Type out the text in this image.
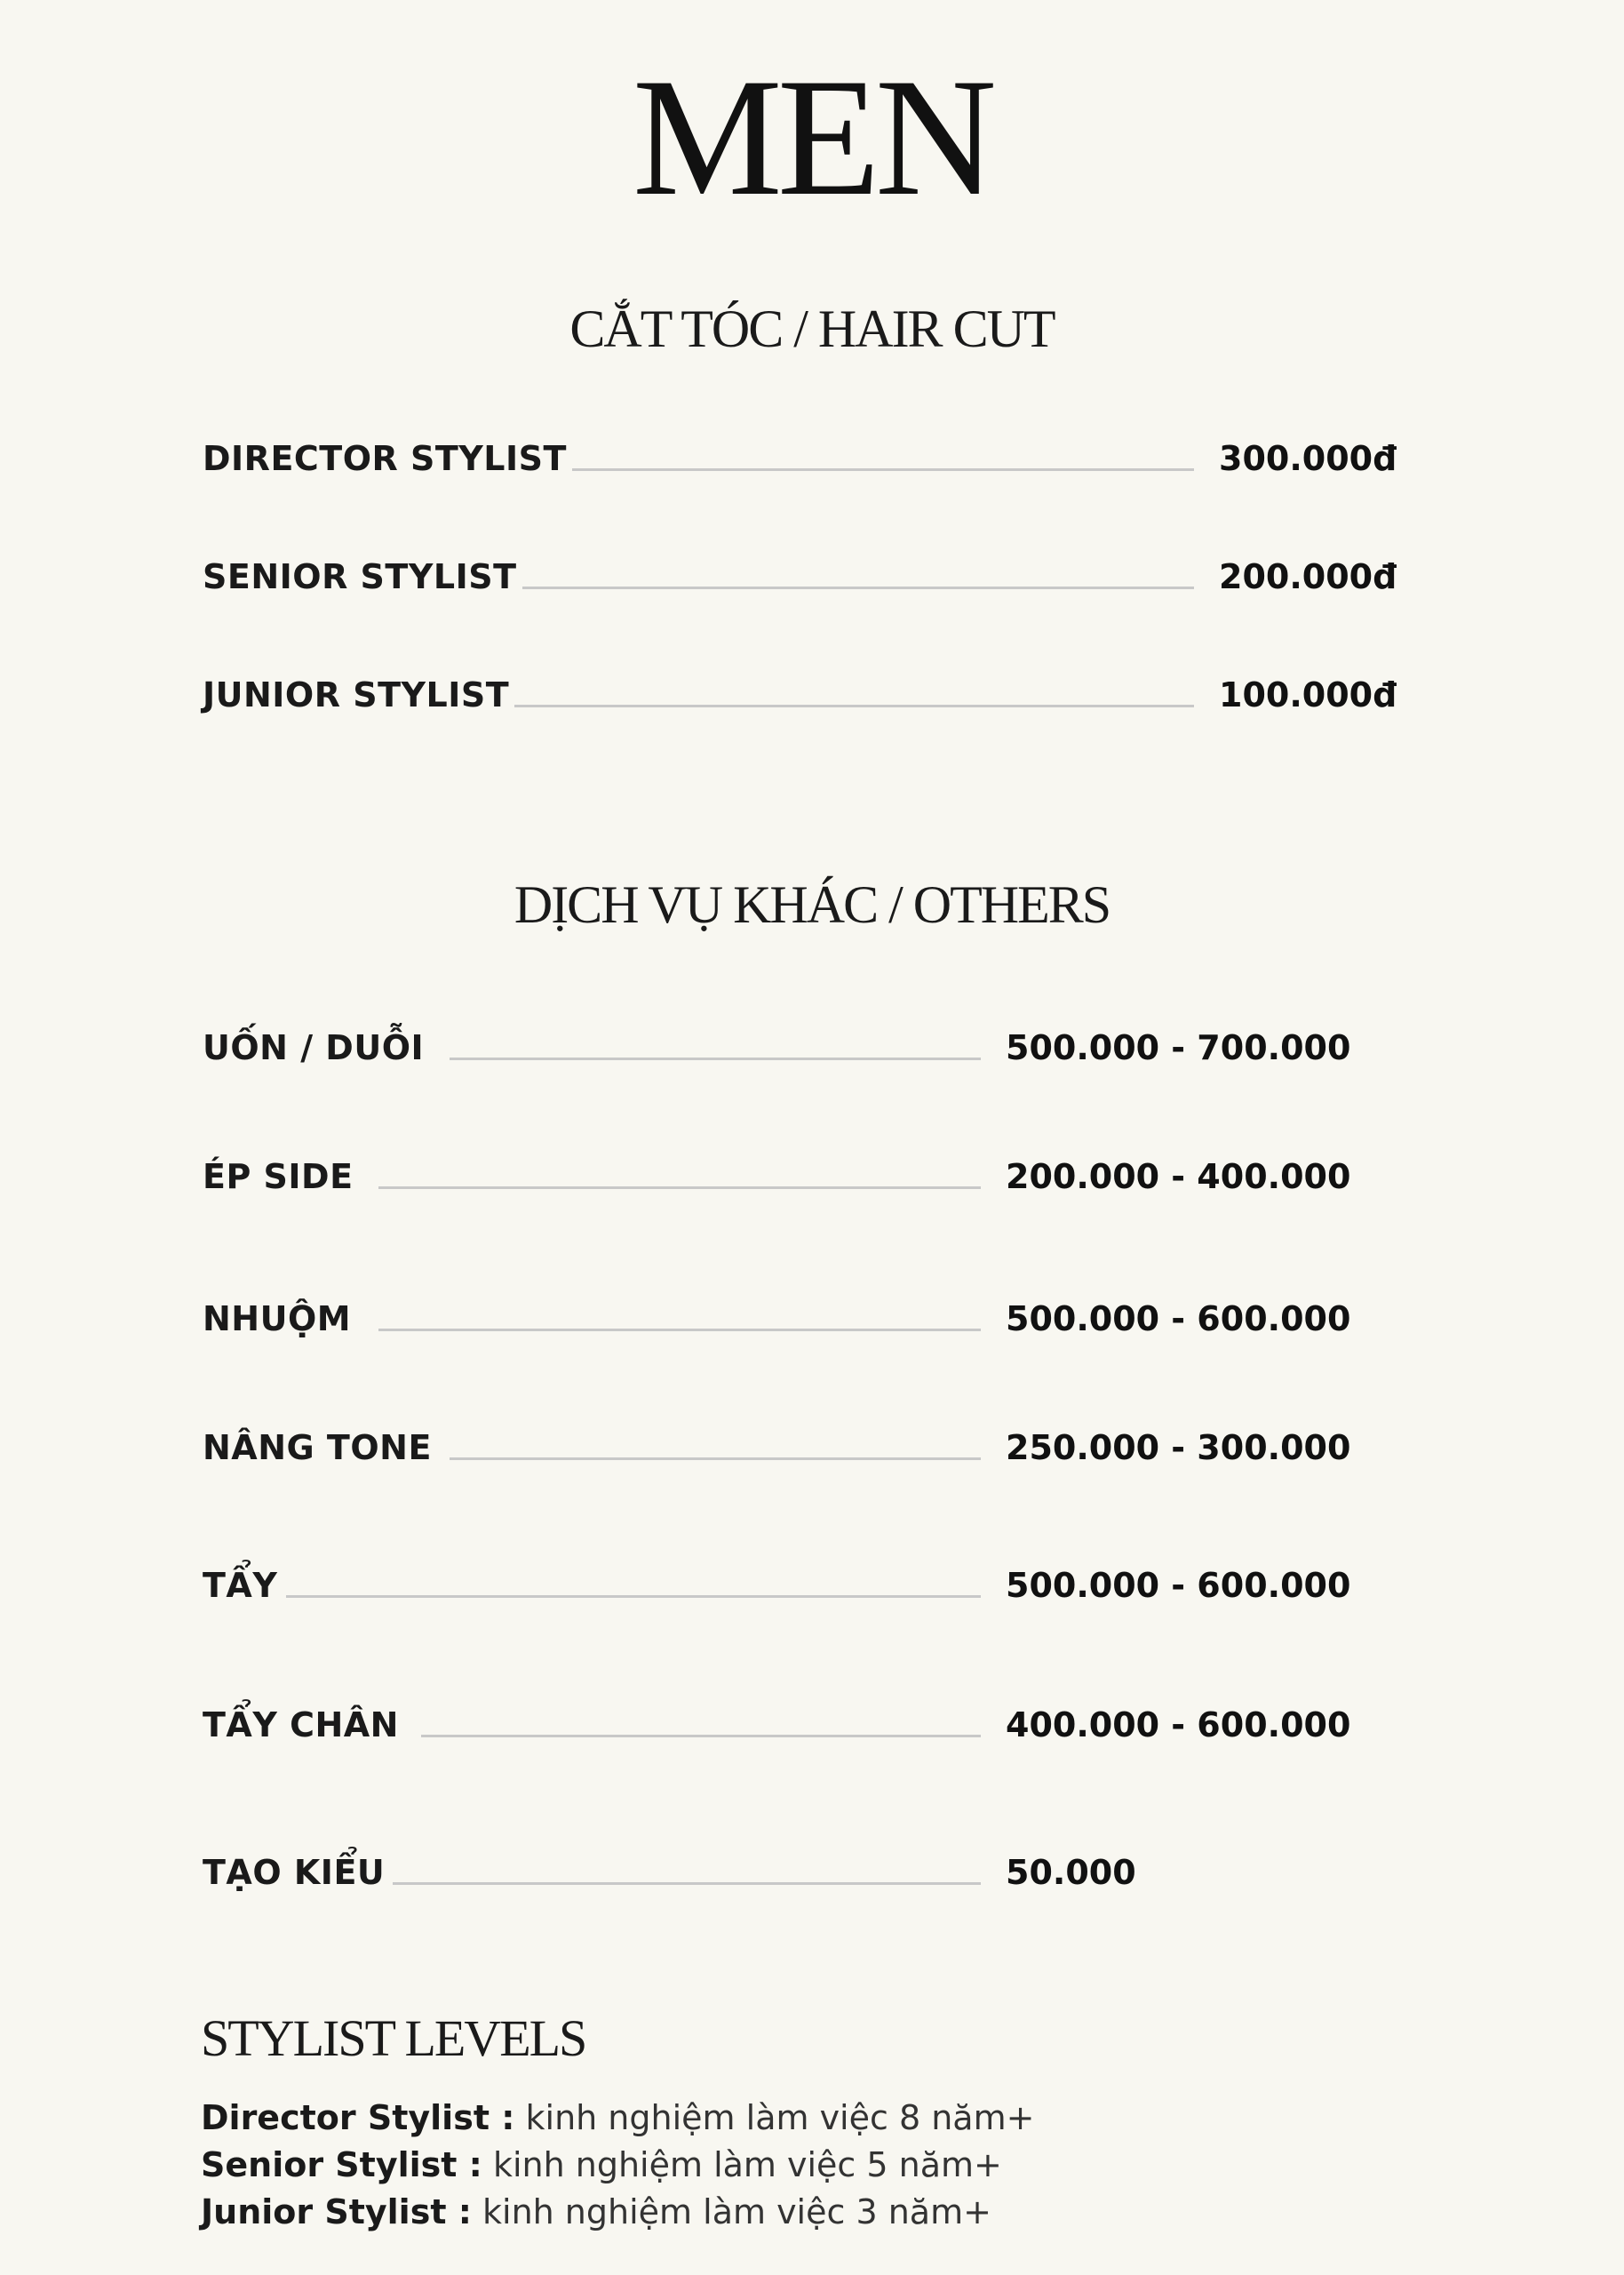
MEN
CẮT TÓC / HAIR CUT
DIRECTOR STYLIST	300.000đ
SENIOR STYLIST	200.000đ
JUNIOR STYLIST	100.000đ
DỊCH VỤ KHÁC / OTHERS
UỐN / DUỖI	500.000 - 700.000
ÉP SIDE	200.000 - 400.000
NHUỘM	500.000 - 600.000
NÂNG TONE	250.000 - 300.000
TẨY	500.000 - 600.000
TẨY CHÂN	400.000 - 600.000
TẠO KIỂU	50.000
STYLIST LEVELS
Director Stylist : kinh nghiệm làm việc 8 năm+
Senior Stylist : kinh nghiệm làm việc 5 năm+
Junior Stylist : kinh nghiệm làm việc 3 năm+
